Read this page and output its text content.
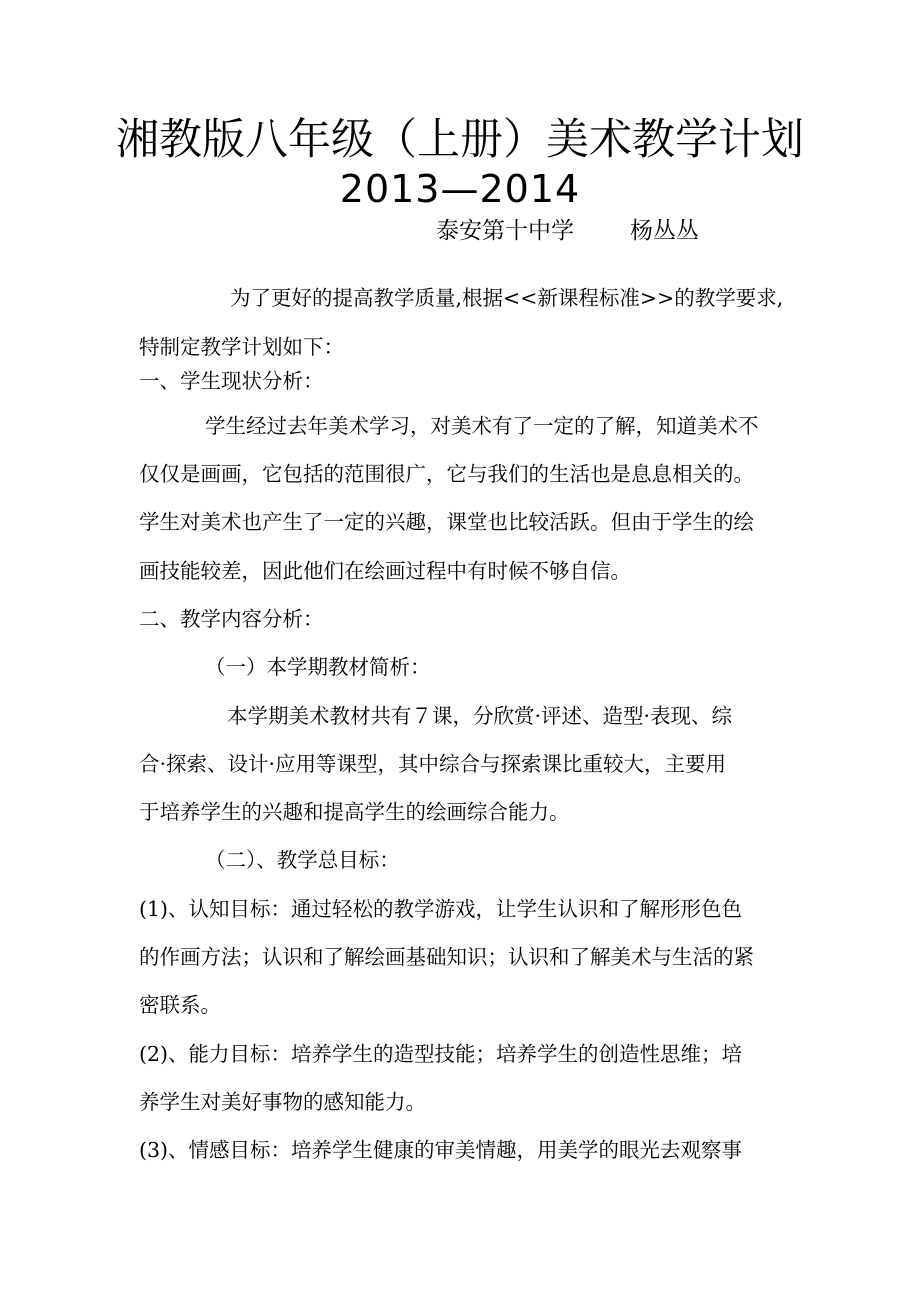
湘教版八年级（上册）美术教学计划
2013—2014
泰安第十中学 杨丛丛
为了更好的提高教学质量,根据<<新课程标准>>的教学要求,
特制定教学计划如下：
一、学生现状分析：
学生经过去年美术学习，对美术有了一定的了解，知道美术不
仅仅是画画，它包括的范围很广，它与我们的生活也是息息相关的。
学生对美术也产生了一定的兴趣，课堂也比较活跃。但由于学生的绘
画技能较差，因此他们在绘画过程中有时候不够自信。
二、教学内容分析：
（一）本学期教材简析：
本学期美术教材共有７课，分欣赏·评述、造型·表现、综
合·探索、设计·应用等课型，其中综合与探索课比重较大，主要用
于培养学生的兴趣和提高学生的绘画综合能力。
（二）、教学总目标：
(1)、认知目标：通过轻松的教学游戏，让学生认识和了解形形色色
的作画方法；认识和了解绘画基础知识；认识和了解美术与生活的紧
密联系。
(2)、能力目标：培养学生的造型技能；培养学生的创造性思维；培
养学生对美好事物的感知能力。
(3)、情感目标：培养学生健康的审美情趣，用美学的眼光去观察事
